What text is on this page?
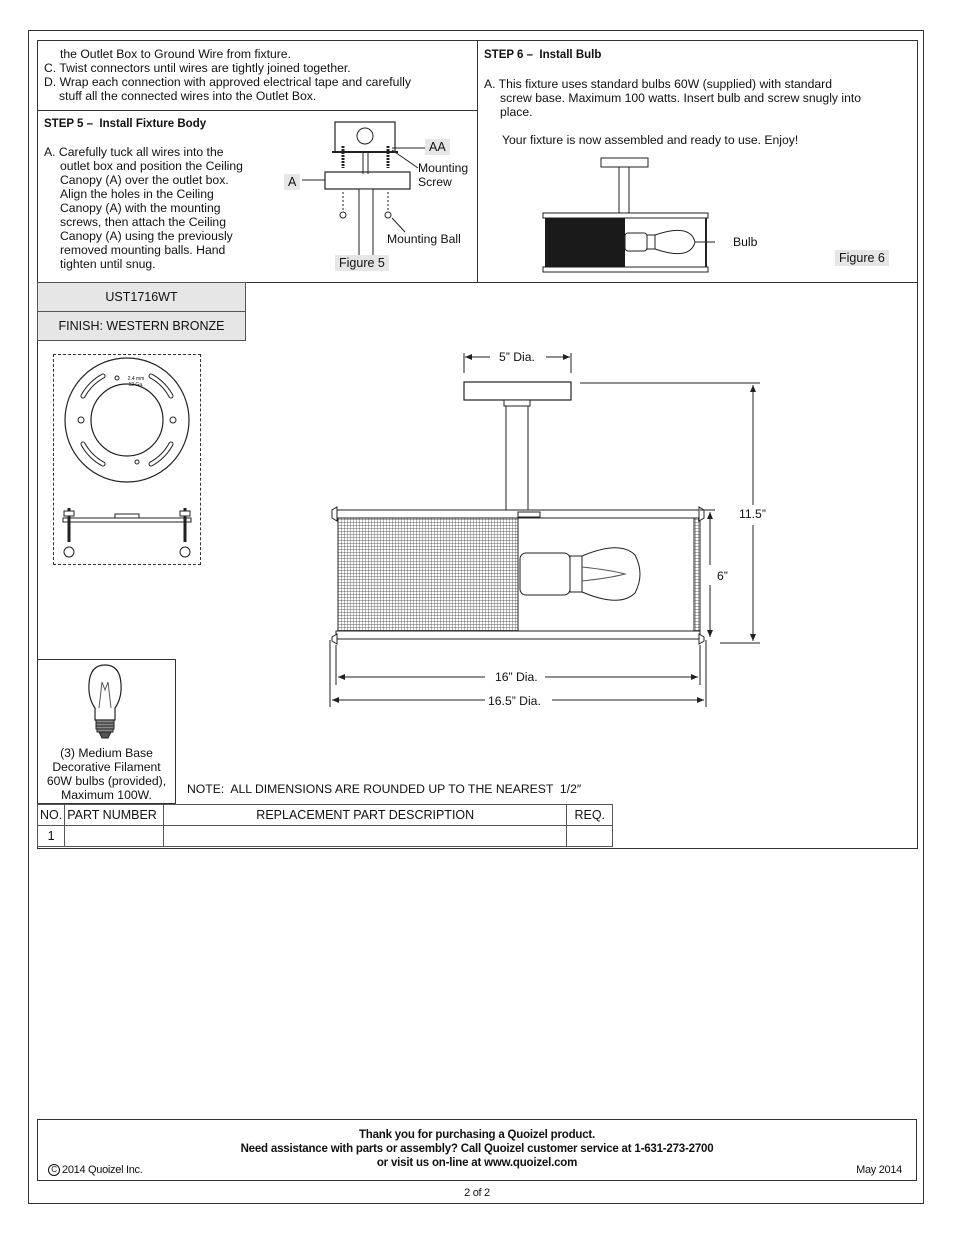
the Outlet Box to Ground Wire from fixture.
C. Twist connectors until wires are tightly joined together.
D. Wrap each connection with approved electrical tape and carefully
stuff all the connected wires into the Outlet Box.
STEP 5 –  Install Fixture Body
A. Carefully tuck all wires into the
outlet box and position the Ceiling
Canopy (A) over the outlet box.
Align the holes in the Ceiling
Canopy (A) with the mounting
screws, then attach the Ceiling
Canopy (A) using the previously
removed mounting balls. Hand
tighten until snug.
AA
A
Mounting
Screw
Mounting Ball
Figure 5
STEP 6 –  Install Bulb
A. This fixture uses standard bulbs 60W (supplied) with standard
screw base. Maximum 100 watts. Insert bulb and screw snugly into
place.
Your fixture is now assembled and ready to use. Enjoy!
Bulb
Figure 6
UST1716WT
FINISH: WESTERN BRONZE
2.4 mm
12 Ga.
5” Dia.
11.5”
6”
16” Dia.
16.5” Dia.
(3) Medium Base
Decorative Filament
60W bulbs (provided),
Maximum 100W.	NOTE:  ALL DIMENSIONS ARE ROUNDED UP TO THE NEAREST  1/2″
NO.	PART NUMBER	REPLACEMENT PART DESCRIPTION	REQ.
1			
Thank you for purchasing a Quoizel product.
Need assistance with parts or assembly? Call Quoizel customer service at 1-631-273-2700
or visit us on-line at www.quoizel.com
C 2014 Quoizel Inc.	May 2014
2 of 2
